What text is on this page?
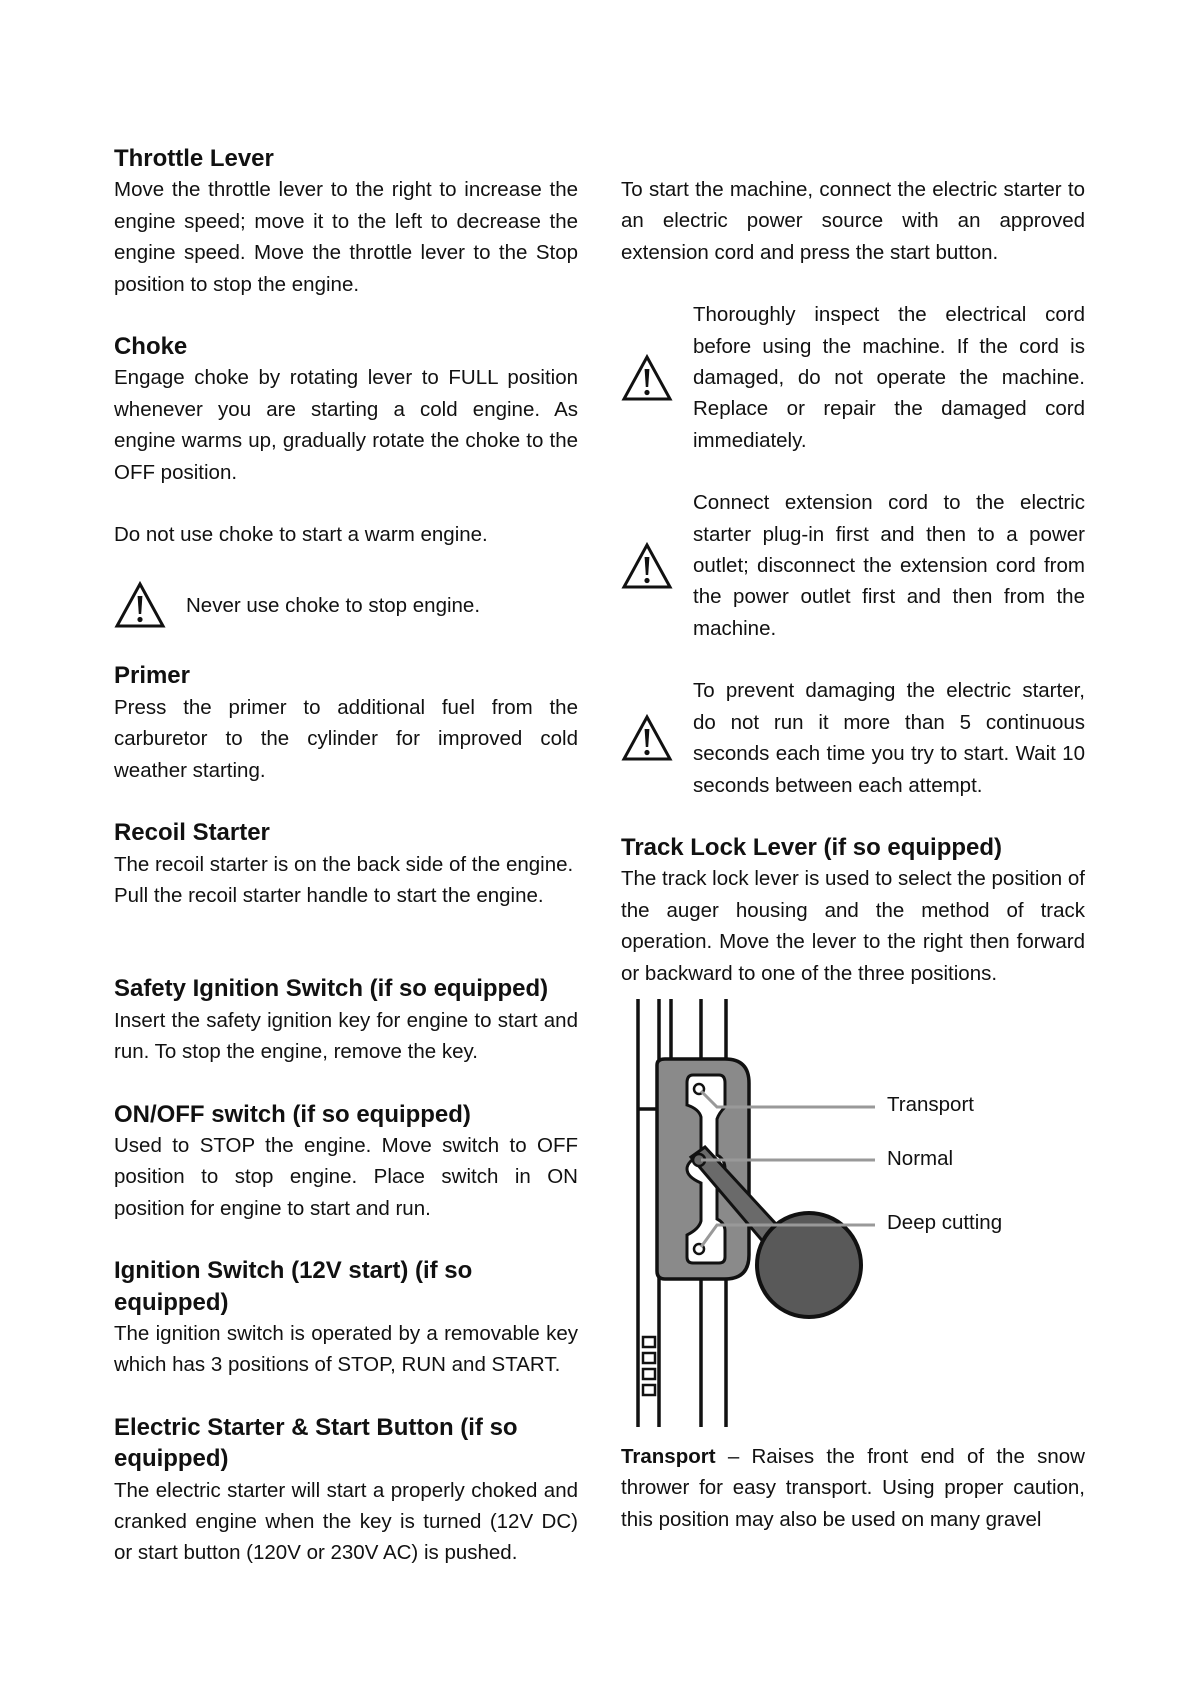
Throttle Lever

Move the throttle lever to the right to increase the engine speed; move it to the left to decrease the engine speed. Move the throttle lever to the Stop position to stop the engine.

Choke

Engage choke by rotating lever to FULL position whenever you are starting a cold engine. As engine warms up, gradually rotate the choke to the OFF position.

Do not use choke to start a warm engine.

Never use choke to stop engine.

Primer

Press the primer to additional fuel from the carburetor to the cylinder for improved cold weather starting.

Recoil Starter

The recoil starter is on the back side of the engine. Pull the recoil starter handle to start the engine.

Safety Ignition Switch (if so equipped)

Insert the safety ignition key for engine to start and run. To stop the engine, remove the key.

ON/OFF switch (if so equipped)

Used to STOP the engine. Move switch to OFF position to stop engine. Place switch in ON position for engine to start and run.

Ignition Switch (12V start) (if so equipped)

The ignition switch is operated by a removable key which has 3 positions of STOP, RUN and START.

Electric Starter & Start Button (if so equipped)

The electric starter will start a properly choked and cranked engine when the key is turned (12V DC) or start button (120V or 230V AC) is pushed.

To start the machine, connect the electric starter to an electric power source with an approved extension cord and press the start button.

Thoroughly inspect the electrical cord before using the machine. If the cord is damaged, do not operate the machine. Replace or repair the damaged cord immediately.

Connect extension cord to the electric starter plug-in first and then to a power outlet; disconnect the extension cord from the power outlet first and then from the machine.

To prevent damaging the electric starter, do not run it more than 5 continuous seconds each time you try to start. Wait 10 seconds between each attempt.

Track Lock Lever (if so equipped)

The track lock lever is used to select the position of the auger housing and the method of track operation. Move the lever to the right then forward or backward to one of the three positions.

Transport
Normal
Deep cutting

Transport – Raises the front end of the snow thrower for easy transport. Using proper caution, this position may also be used on many gravel
